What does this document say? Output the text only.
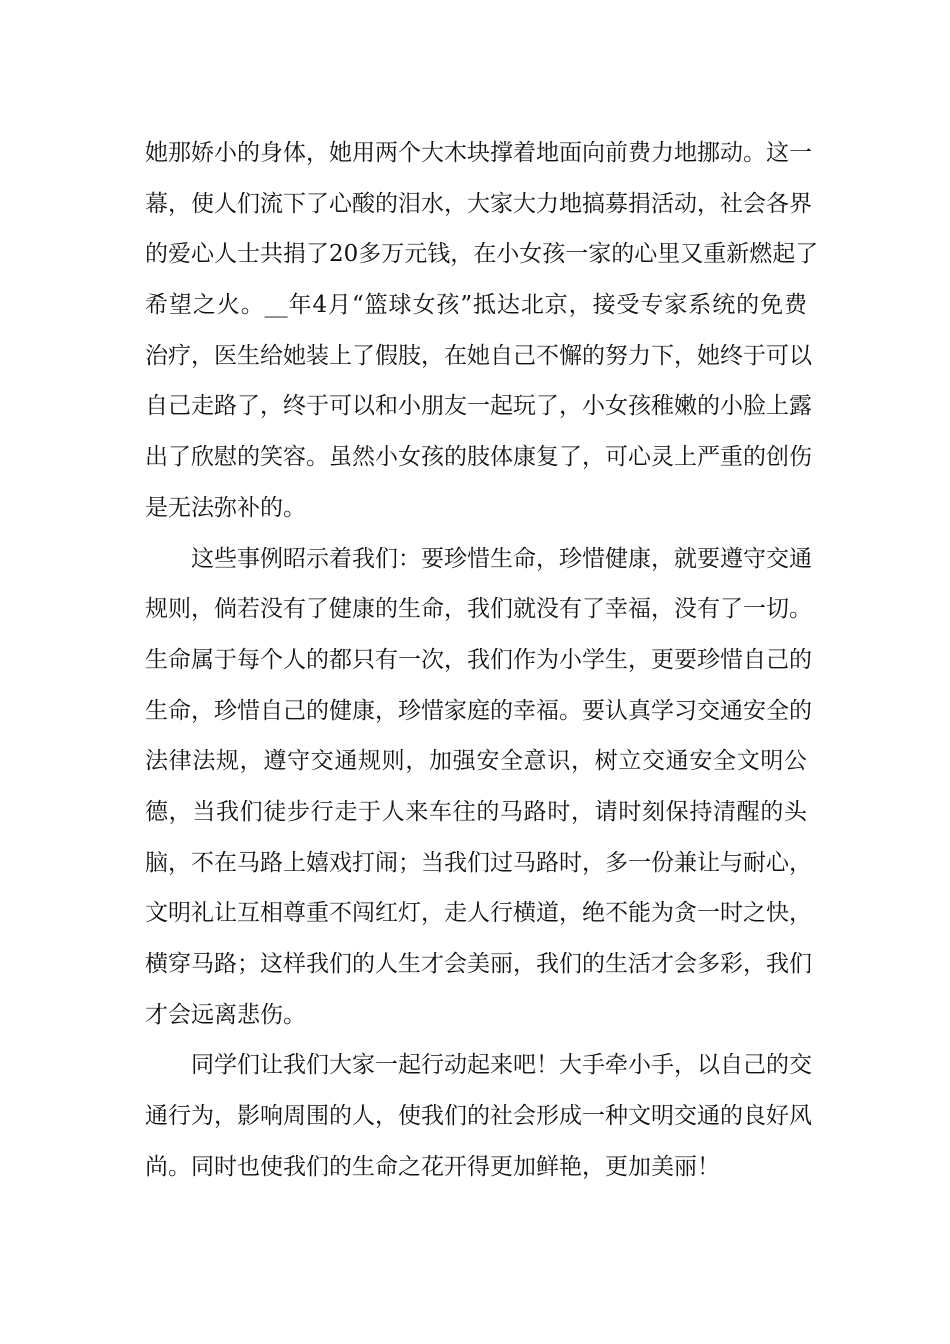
她那娇小的身体，她用两个大木块撑着地面向前费力地挪动。这一
幕，使人们流下了心酸的泪水，大家大力地搞募捐活动，社会各界
的爱心人士共捐了20多万元钱，在小女孩一家的心里又重新燃起了
希望之火。__年4月“篮球女孩”抵达北京，接受专家系统的免费
治疗，医生给她装上了假肢，在她自己不懈的努力下，她终于可以
自己走路了，终于可以和小朋友一起玩了，小女孩稚嫩的小脸上露
出了欣慰的笑容。虽然小女孩的肢体康复了，可心灵上严重的创伤
是无法弥补的。
这些事例昭示着我们：要珍惜生命，珍惜健康，就要遵守交通
规则，倘若没有了健康的生命，我们就没有了幸福，没有了一切。
生命属于每个人的都只有一次，我们作为小学生，更要珍惜自己的
生命，珍惜自己的健康，珍惜家庭的幸福。要认真学习交通安全的
法律法规，遵守交通规则，加强安全意识，树立交通安全文明公
德，当我们徒步行走于人来车往的马路时，请时刻保持清醒的头
脑，不在马路上嬉戏打闹；当我们过马路时，多一份兼让与耐心，
文明礼让互相尊重不闯红灯，走人行横道，绝不能为贪一时之快，
横穿马路；这样我们的人生才会美丽，我们的生活才会多彩，我们
才会远离悲伤。
同学们让我们大家一起行动起来吧！大手牵小手，以自己的交
通行为，影响周围的人，使我们的社会形成一种文明交通的良好风
尚。同时也使我们的生命之花开得更加鲜艳，更加美丽！
